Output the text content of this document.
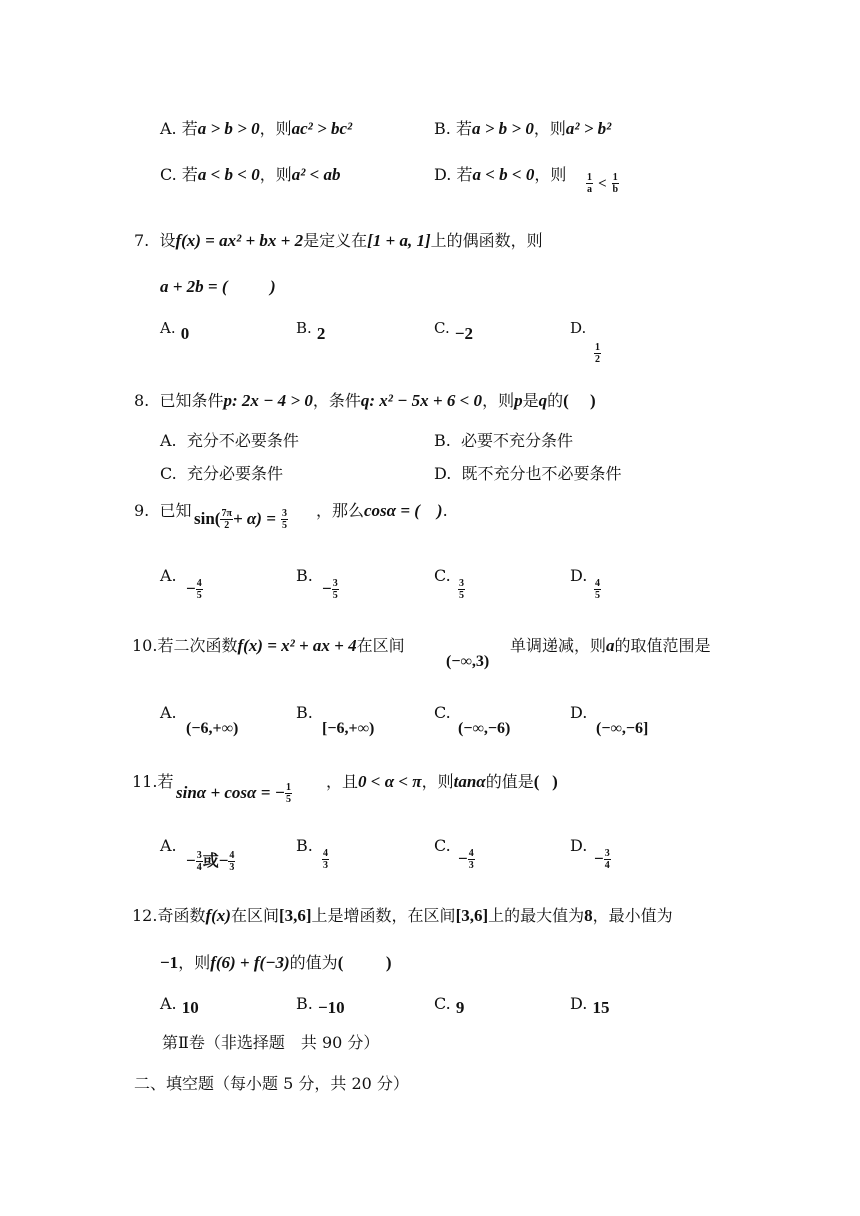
A. 若a > b > 0，则ac² > bc²	B. 若a > b > 0，则a² > b²
C. 若a < b < 0，则a² < ab	D. 若a < b < 0，则 $\frac{1}{a} < \frac{1}{b}$
7. 设f(x) = ax² + bx + 2是定义在[1 + a, 1]上的偶函数，则
a + 2b = (          )
A. 0	B. 2	C. −2	D.
$\frac{1}{2}$
8. 已知条件p: 2x − 4 > 0，条件q: x² − 5x + 6 < 0，则p是q的(     )
A. 充分不必要条件	B. 必要不充分条件
C. 充分必要条件	D. 既不充分也不必要条件
9. 已知 $\sin( \frac{7\pi}{2} + \alpha) = \frac{3}{5}$ ，那么cosα = (    ).
A.
− $\frac{4}{5}$
B.
− $\frac{3}{5}$
C.
$\frac{3}{5}$
D.
$\frac{4}{5}$
10.若二次函数f(x) = x² + ax + 4在区间
(−∞,3)
单调递减，则a的取值范围是
A.
(−6,+∞)
B.
[−6,+∞)
C.
(−∞,−6)
D.
(−∞,−6]
11.若
sinα + cosα = − $\frac{1}{5}$
，且0 < α < π，则tanα的值是(   )
A.
− $\frac{3}{4}$ 或− $\frac{4}{3}$
B.
$\frac{4}{3}$
C.
− $\frac{4}{3}$
D.
− $\frac{3}{4}$
12.奇函数f(x)在区间[3,6]上是增函数，在区间[3,6]上的最大值为8，最小值为
−1，则f(6) + f(−3)的值为(          )
A. 10	B. −10	C. 9	D. 15
第Ⅱ卷（非选择题　共 90 分）
二、填空题（每小题 5 分，共 20 分）
